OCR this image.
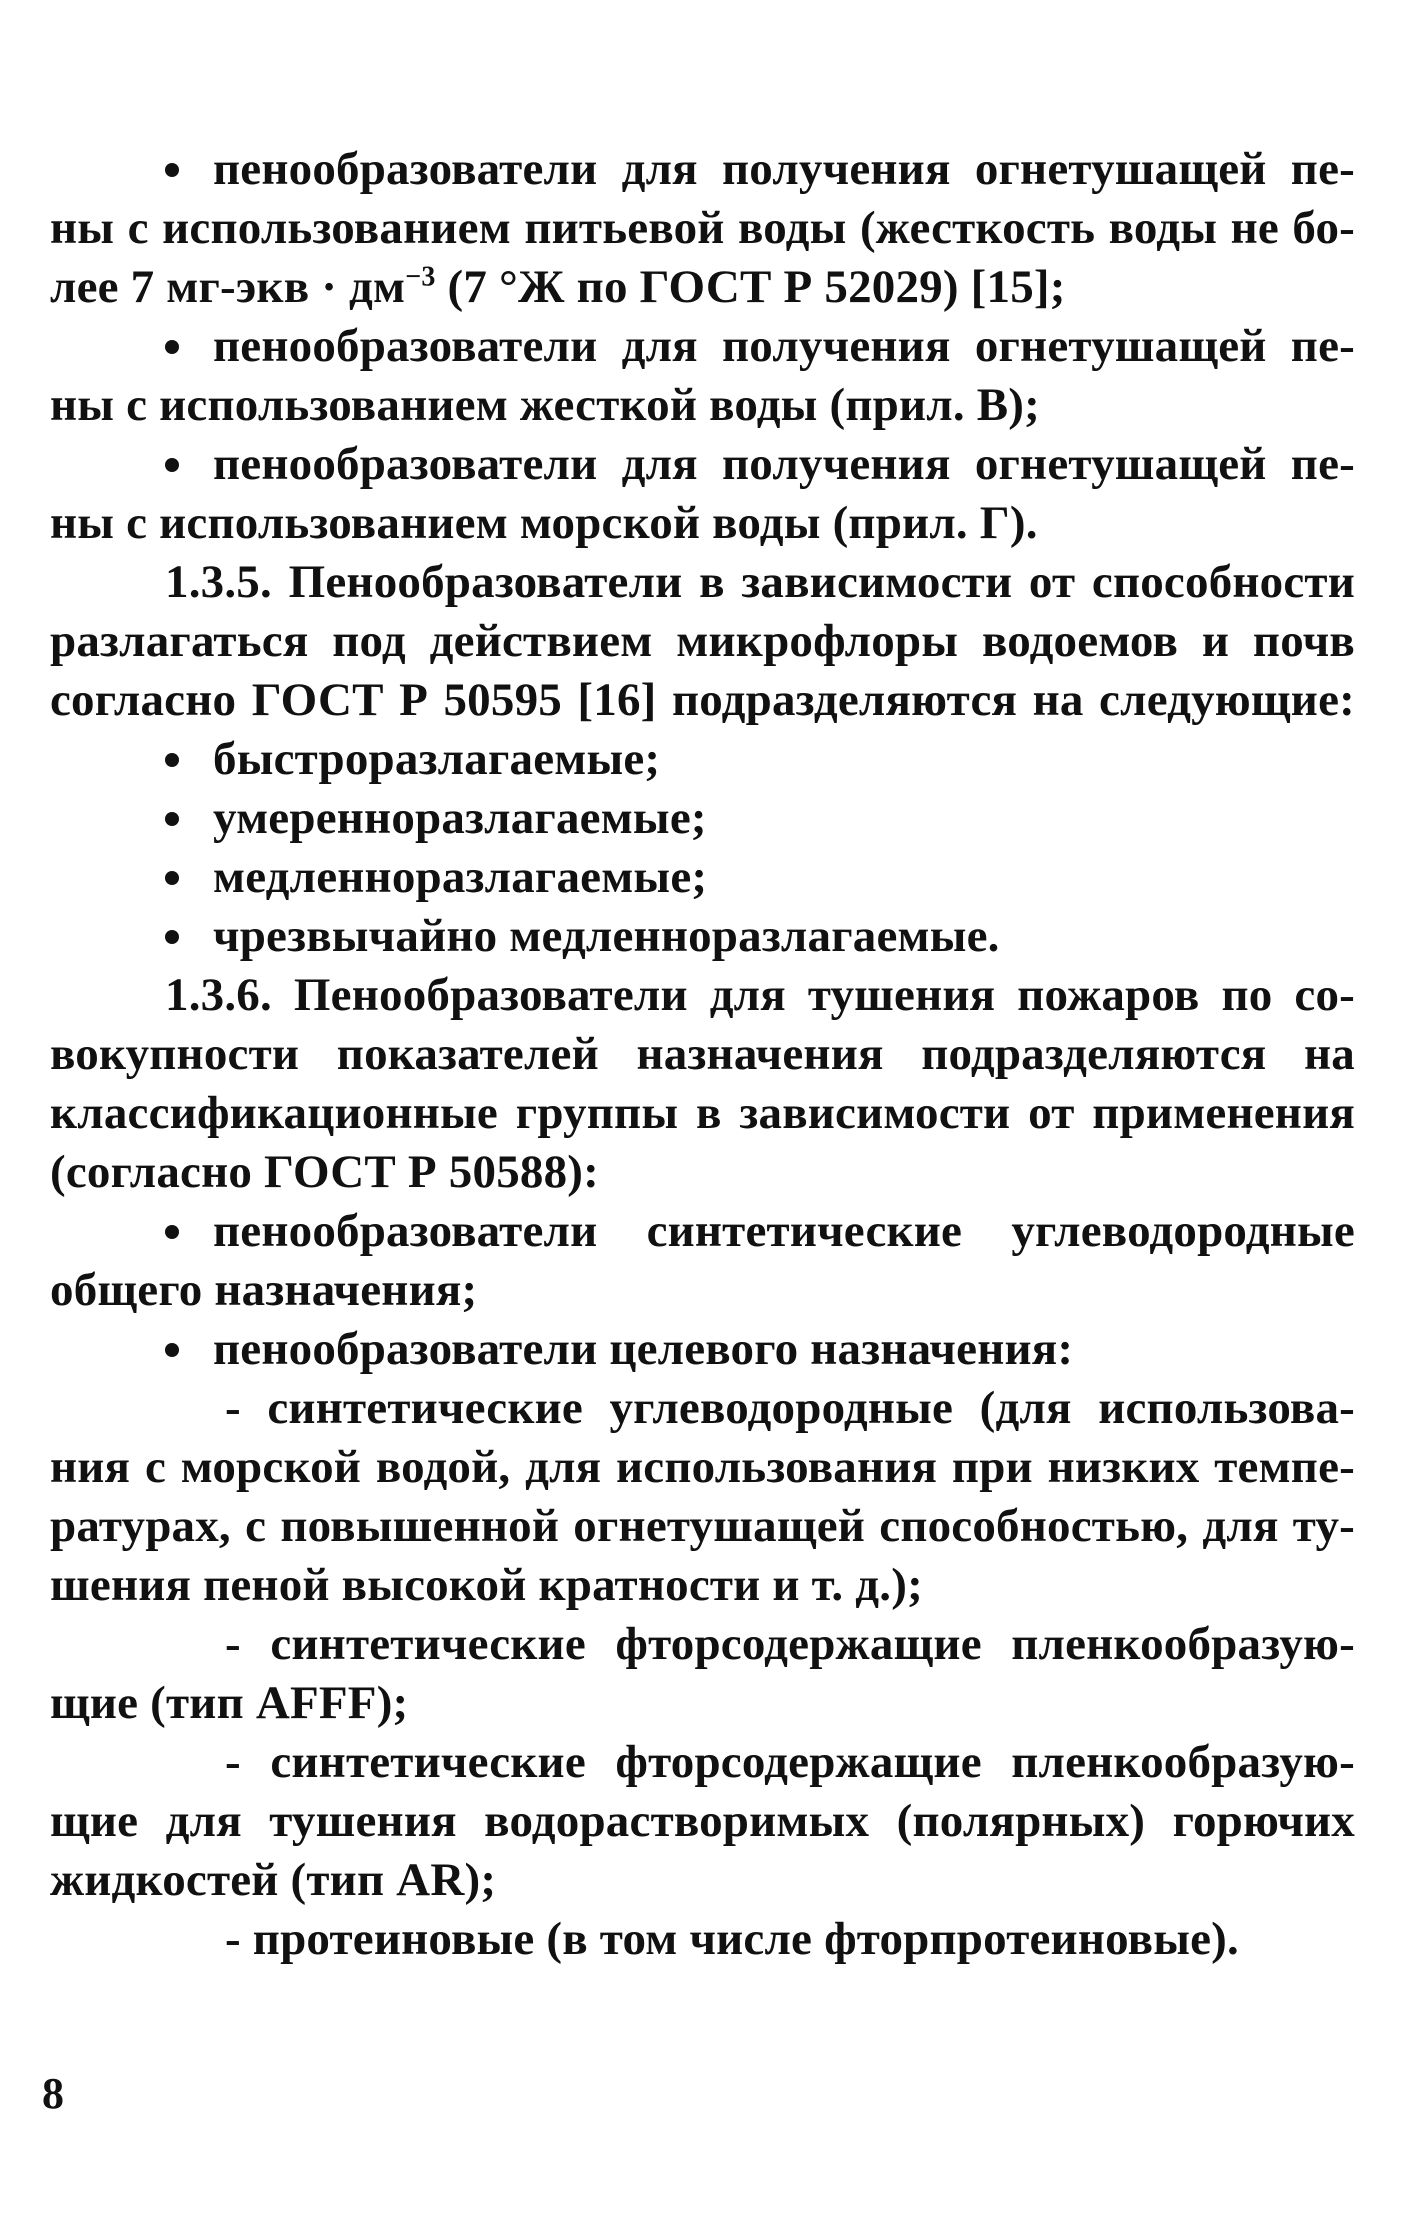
пенообразователи для получения огнетушащей пе-
ны с использованием питьевой воды (жесткость воды не бо-
лее 7 $мг-экв \cdot дм^{-3}$ (7 °Ж по ГОСТ Р 52029) [15];
пенообразователи для получения огнетушащей пе-
ны с использованием жесткой воды (прил. В);
пенообразователи для получения огнетушащей пе-
ны с использованием морской воды (прил. Г).
1.3.5. Пенообразователи в зависимости от способности
разлагаться под действием микрофлоры водоемов и почв
согласно ГОСТ Р 50595 [16] подразделяются на следующие:
быстроразлагаемые;
умеренноразлагаемые;
медленноразлагаемые;
чрезвычайно медленноразлагаемые.
1.3.6. Пенообразователи для тушения пожаров по со-
вокупности показателей назначения подразделяются на
классификационные группы в зависимости от применения
(согласно ГОСТ Р 50588):
пенообразователи синтетические углеводородные
общего назначения;
пенообразователи целевого назначения:
- синтетические углеводородные (для использова-
ния с морской водой, для использования при низких темпе-
ратурах, с повышенной огнетушащей способностью, для ту-
шения пеной высокой кратности и т. д.);
- синтетические фторсодержащие пленкообразую-
щие (тип AFFF);
- синтетические фторсодержащие пленкообразую-
щие для тушения водорастворимых (полярных) горючих
жидкостей (тип AR);
- протеиновые (в том числе фторпротеиновые).
8
